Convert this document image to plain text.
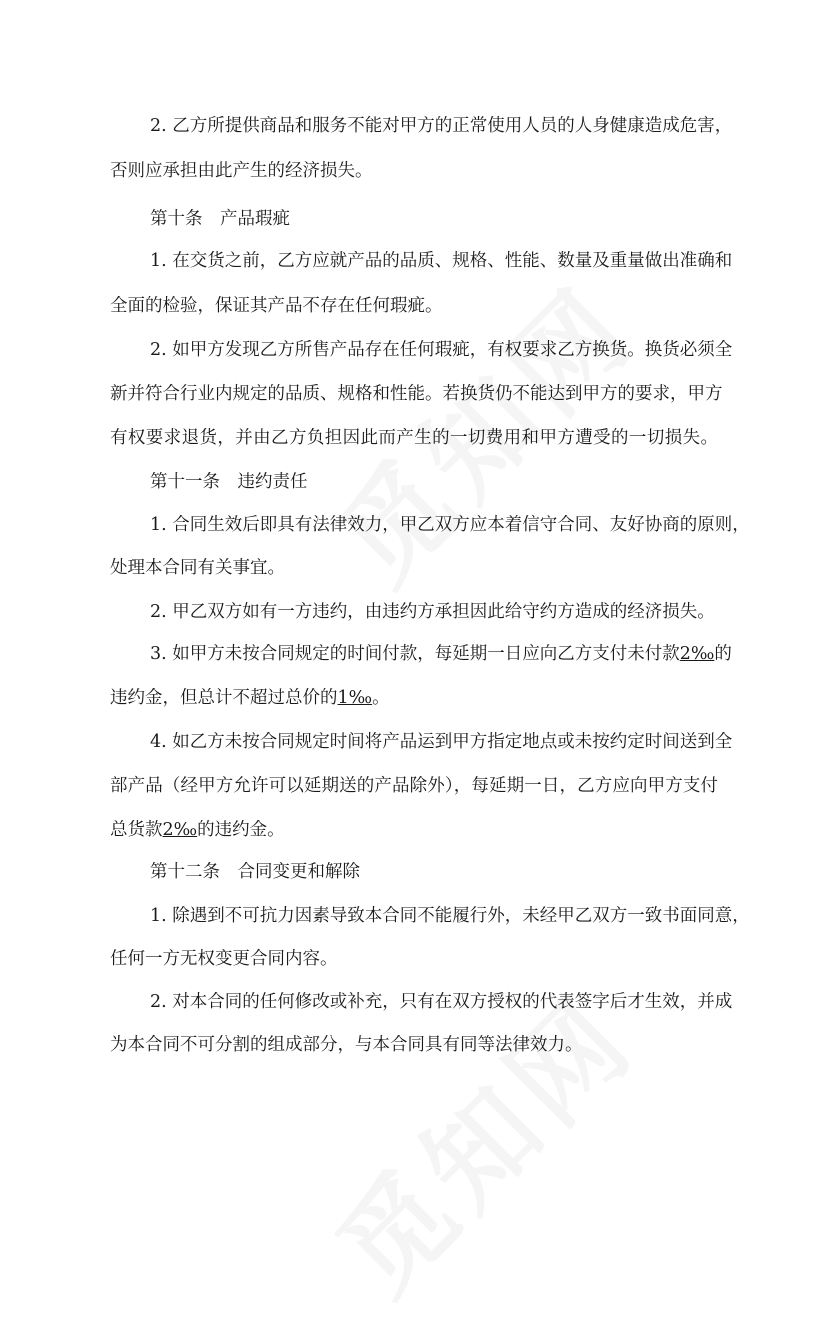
2. 乙方所提供商品和服务不能对甲方的正常使用人员的人身健康造成危害，
否则应承担由此产生的经济损失。
第十条　产品瑕疵
1. 在交货之前，乙方应就产品的品质、规格、性能、数量及重量做出准确和
全面的检验，保证其产品不存在任何瑕疵。
2. 如甲方发现乙方所售产品存在任何瑕疵，有权要求乙方换货。换货必须全
新并符合行业内规定的品质、规格和性能。若换货仍不能达到甲方的要求，甲方
有权要求退货，并由乙方负担因此而产生的一切费用和甲方遭受的一切损失。
第十一条　违约责任
1. 合同生效后即具有法律效力，甲乙双方应本着信守合同、友好协商的原则，
处理本合同有关事宜。
2. 甲乙双方如有一方违约，由违约方承担因此给守约方造成的经济损失。
3. 如甲方未按合同规定的时间付款，每延期一日应向乙方支付未付款2‰的
违约金，但总计不超过总价的1‰。
4. 如乙方未按合同规定时间将产品运到甲方指定地点或未按约定时间送到全
部产品（经甲方允许可以延期送的产品除外），每延期一日，乙方应向甲方支付
总货款2‰的违约金。
第十二条　合同变更和解除
1. 除遇到不可抗力因素导致本合同不能履行外，未经甲乙双方一致书面同意，
任何一方无权变更合同内容。
2. 对本合同的任何修改或补充，只有在双方授权的代表签字后才生效，并成
为本合同不可分割的组成部分，与本合同具有同等法律效力。
